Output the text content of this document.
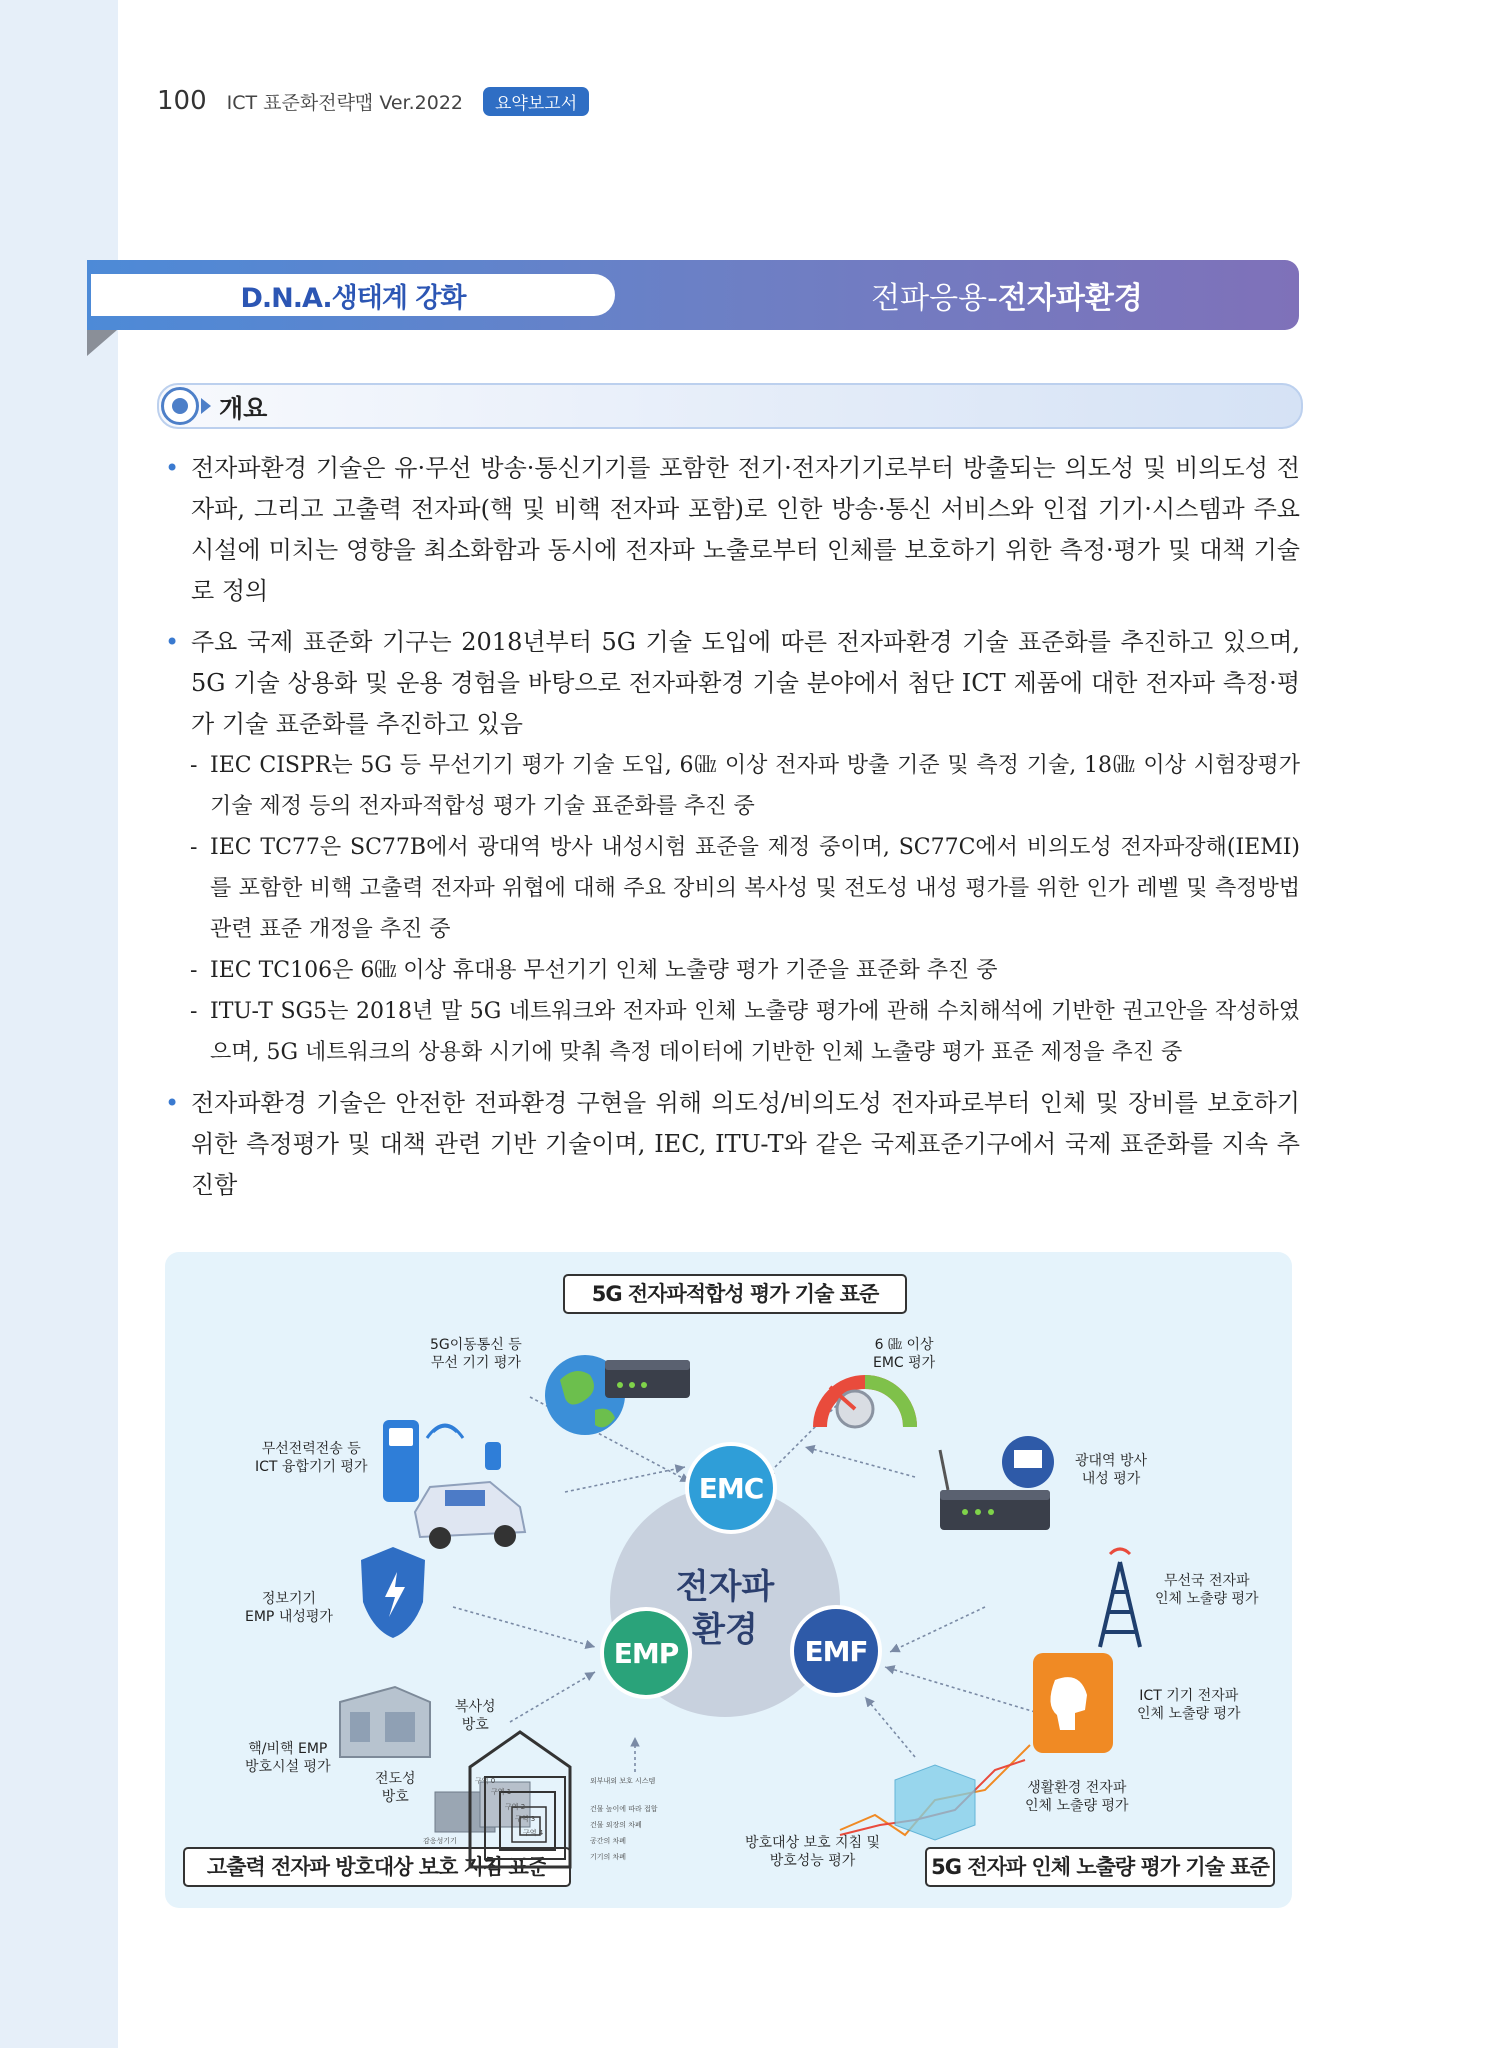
100 ICT 표준화전략맵 Ver.2022	요약보고서
D.N.A.생태계 강화	전파응용- 전자파환경
개요

• 전자파환경 기술은 유·무선 방송·통신기기를 포함한 전기·전자기기로부터 방출되는 의도성 및 비의도성 전자파, 그리고 고출력 전자파(핵 및 비핵 전자파 포함)로 인한 방송·통신 서비스와 인접 기기·시스템과 주요 시설에 미치는 영향을 최소화함과 동시에 전자파 노출로부터 인체를 보호하기 위한 측정·평가 및 대책 기술로 정의

• 주요 국제 표준화 기구는 2018년부터 5G 기술 도입에 따른 전자파환경 기술 표준화를 추진하고 있으며, 5G 기술 상용화 및 운용 경험을 바탕으로 전자파환경 기술 분야에서 첨단 ICT 제품에 대한 전자파 측정·평가 기술 표준화를 추진하고 있음

- IEC CISPR는 5G 등 무선기기 평가 기술 도입, 6㎓ 이상 전자파 방출 기준 및 측정 기술, 18㎓ 이상 시험장평가 기술 제정 등의 전자파적합성 평가 기술 표준화를 추진 중

- IEC TC77은 SC77B에서 광대역 방사 내성시험 표준을 제정 중이며, SC77C에서 비의도성 전자파장해(IEMI)를 포함한 비핵 고출력 전자파 위협에 대해 주요 장비의 복사성 및 전도성 내성 평가를 위한 인가 레벨 및 측정방법 관련 표준 개정을 추진 중

- IEC TC106은 6㎓ 이상 휴대용 무선기기 인체 노출량 평가 기준을 표준화 추진 중

- ITU-T SG5는 2018년 말 5G 네트워크와 전자파 인체 노출량 평가에 관해 수치해석에 기반한 권고안을 작성하였으며, 5G 네트워크의 상용화 시기에 맞춰 측정 데이터에 기반한 인체 노출량 평가 표준 제정을 추진 중

• 전자파환경 기술은 안전한 전파환경 구현을 위해 의도성/비의도성 전자파로부터 인체 및 장비를 보호하기 위한 측정평가 및 대책 관련 기반 기술이며, IEC, ITU-T와 같은 국제표준기구에서 국제 표준화를 지속 추진함

5G 전자파적합성 평가 기술 표준
고출력 전자파 방호대상 보호 지침 표준	5G 전자파 인체 노출량 평가 기술 표준
전자파
환경
EMC
EMP	EMF
구역 0
구역 1
구역 2
구역 3
구역 4
외부내외 보호 시스템
건물 높이에 따라 접합
건물 외장의 차폐
공간의 차폐
기기의 차폐
감응성기기
5G이동통신 등
무선 기기 평가
6 ㎓ 이상
EMC 평가
무선전력전송 등
ICT 융합기기 평가	광대역 방사
내성 평가
정보기기
EMP 내성평가
무선국 전자파
인체 노출량 평가
ICT 기기 전자파
인체 노출량 평가
복사성
방호
핵/비핵 EMP
방호시설 평가
전도성
방호
생활환경 전자파
인체 노출량 평가
방호대상 보호 지침 및
방호성능 평가
